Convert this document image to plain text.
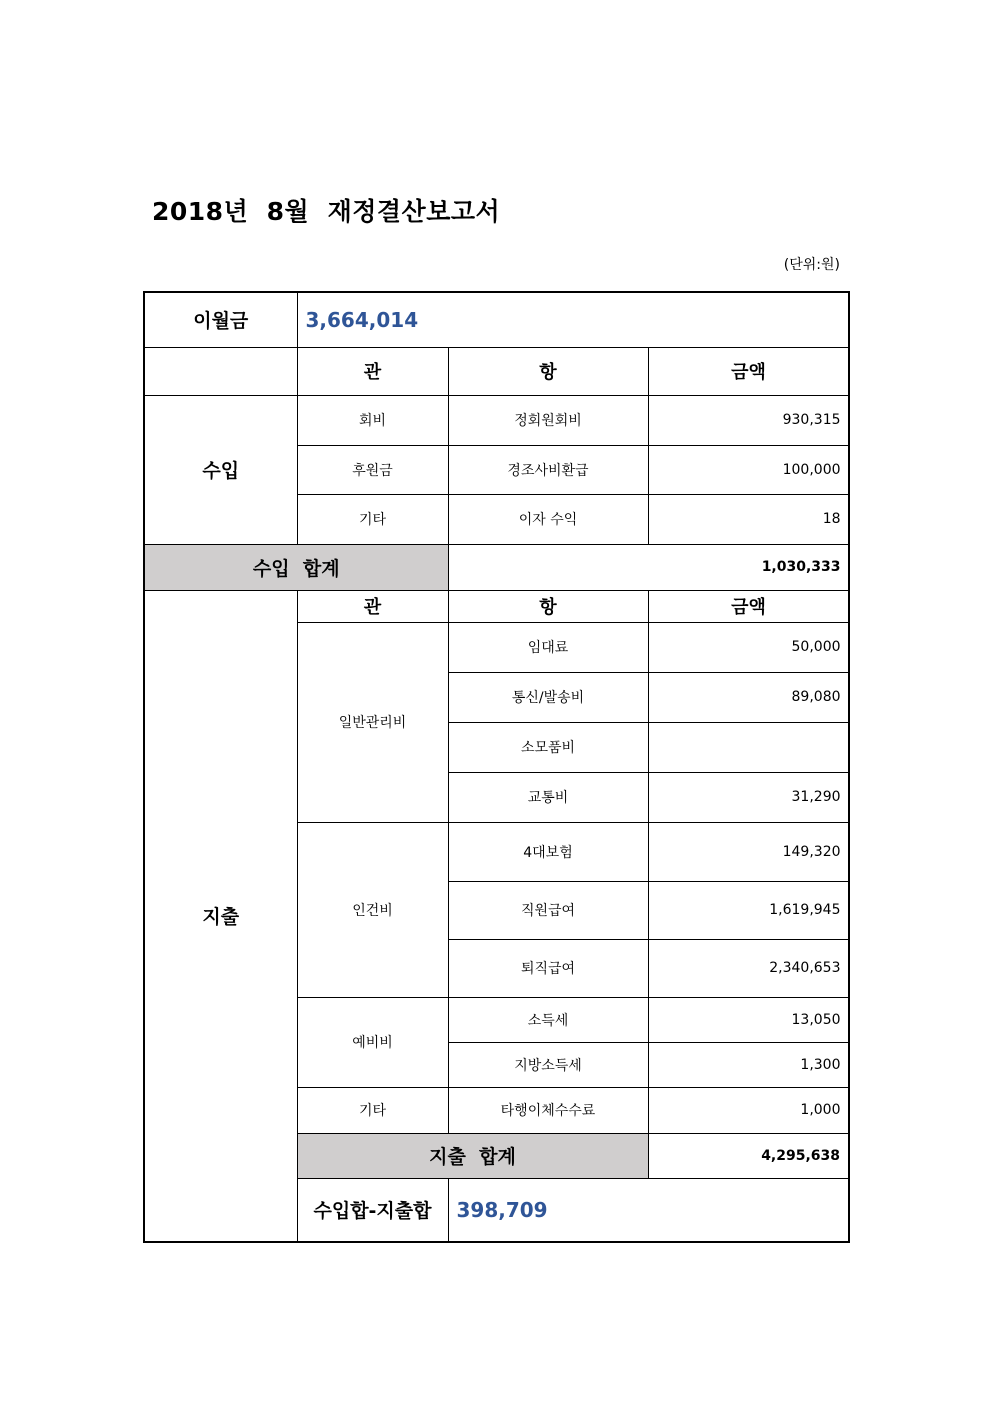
2018년  8월  재정결산보고서
(단위:원)
이월금	3,664,014		
	관	항	금액
수입	회비	정회원회비	930,315
	후원금	경조사비환급	100,000
	기타	이자 수익	18
수입  합계		1,030,333	
지출	관	항	금액
	일반관리비	임대료	50,000
		통신/발송비	89,080
		소모품비	
		교통비	31,290
	인건비	4대보험	149,320
		직원급여	1,619,945
		퇴직급여	2,340,653
	예비비	소득세	13,050
		지방소득세	1,300
	기타	타행이체수수료	1,000
	지출  합계		4,295,638
	수입합-지출합	398,709	
